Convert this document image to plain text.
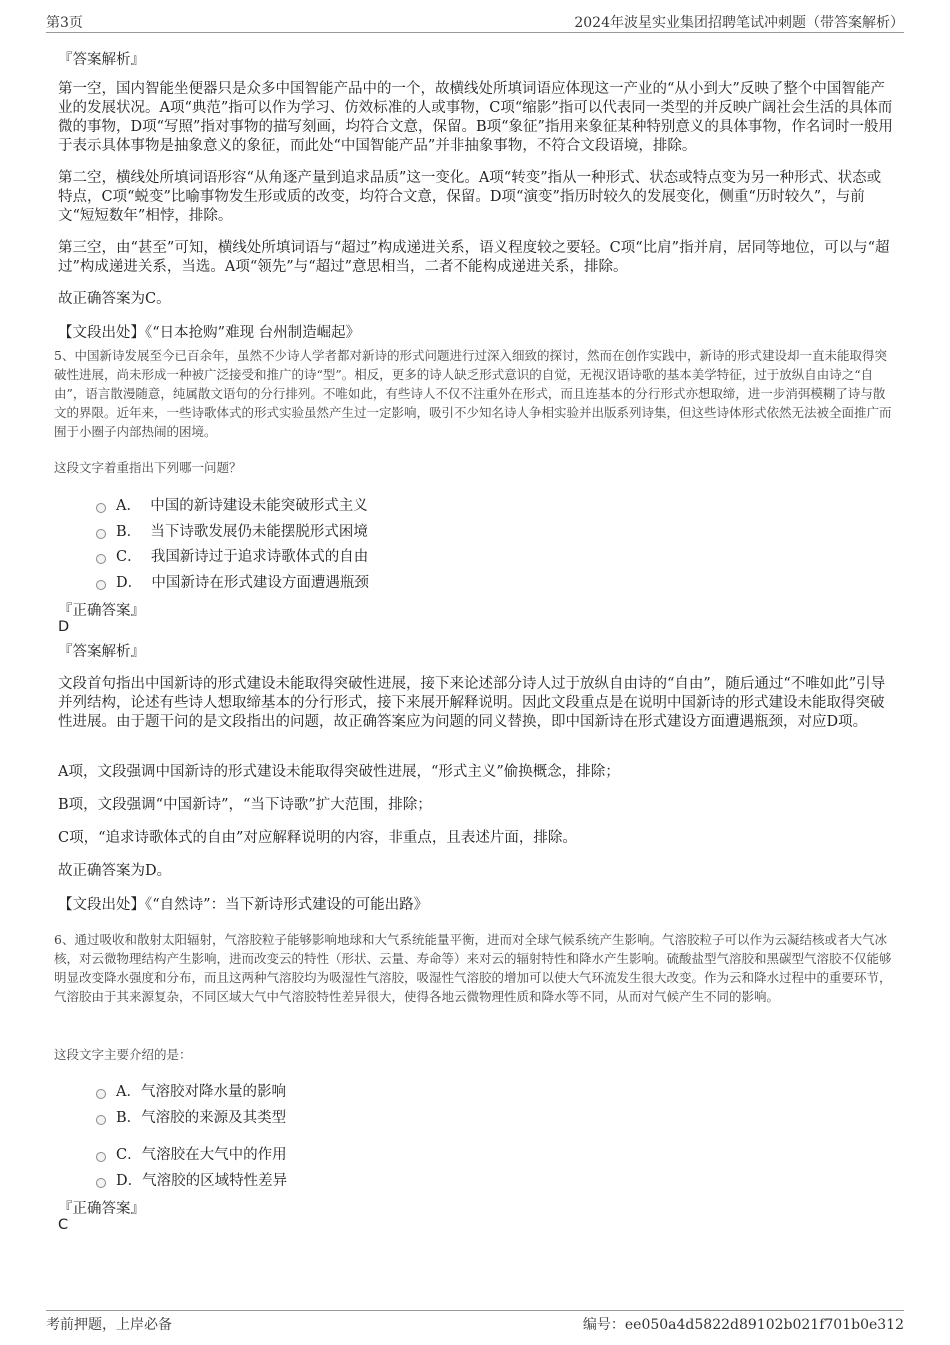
第3页	2024年波星实业集团招聘笔试冲刺题（带答案解析）
『答案解析』
第一空，国内智能坐便器只是众多中国智能产品中的一个，故横线处所填词语应体现这一产业的“从小到大”反映了整个中国智能产业的发展状况。A项“典范”指可以作为学习、仿效标准的人或事物，C项“缩影”指可以代表同一类型的并反映广阔社会生活的具体而微的事物，D项“写照”指对事物的描写刻画，均符合文意，保留。B项“象征”指用来象征某种特别意义的具体事物，作名词时一般用于表示具体事物是抽象意义的象征，而此处“中国智能产品”并非抽象事物，不符合文段语境，排除。
第二空，横线处所填词语形容“从角逐产量到追求品质”这一变化。A项“转变”指从一种形式、状态或特点变为另一种形式、状态或特点，C项“蜕变”比喻事物发生形或质的改变，均符合文意，保留。D项“演变”指历时较久的发展变化，侧重“历时较久”，与前文“短短数年”相悖，排除。
第三空，由“甚至”可知，横线处所填词语与“超过”构成递进关系，语义程度较之要轻。C项“比肩”指并肩，居同等地位，可以与“超过”构成递进关系，当选。A项“领先”与“超过”意思相当，二者不能构成递进关系，排除。
故正确答案为C。
【文段出处】《“日本抢购”难现 台州制造崛起》
5、中国新诗发展至今已百余年，虽然不少诗人学者都对新诗的形式问题进行过深入细致的探讨，然而在创作实践中，新诗的形式建设却一直未能取得突破性进展，尚未形成一种被广泛接受和推广的诗“型”。相反，更多的诗人缺乏形式意识的自觉，无视汉语诗歌的基本美学特征，过于放纵自由诗之“自由”，语言散漫随意，纯属散文语句的分行排列。不唯如此，有些诗人不仅不注重外在形式，而且连基本的分行形式亦想取缔，进一步消弭模糊了诗与散文的界限。近年来，一些诗歌体式的形式实验虽然产生过一定影响，吸引不少知名诗人争相实验并出版系列诗集，但这些诗体形式依然无法被全面推广而囿于小圈子内部热闹的困境。
这段文字着重指出下列哪一问题？
A．  中国的新诗建设未能突破形式主义
B．  当下诗歌发展仍未能摆脱形式困境
C．  我国新诗过于追求诗歌体式的自由
D．  中国新诗在形式建设方面遭遇瓶颈
『正确答案』
D
『答案解析』
文段首句指出中国新诗的形式建设未能取得突破性进展，接下来论述部分诗人过于放纵自由诗的“自由”，随后通过“不唯如此”引导并列结构，论述有些诗人想取缔基本的分行形式，接下来展开解释说明。因此文段重点是在说明中国新诗的形式建设未能取得突破性进展。由于题干问的是文段指出的问题，故正确答案应为问题的同义替换，即中国新诗在形式建设方面遭遇瓶颈，对应D项。
A项，文段强调中国新诗的形式建设未能取得突破性进展，“形式主义”偷换概念，排除；
B项，文段强调“中国新诗”，“当下诗歌”扩大范围，排除；
C项，“追求诗歌体式的自由”对应解释说明的内容，非重点，且表述片面，排除。
故正确答案为D。
【文段出处】《“自然诗”：当下新诗形式建设的可能出路》
6、通过吸收和散射太阳辐射，气溶胶粒子能够影响地球和大气系统能量平衡，进而对全球气候系统产生影响。气溶胶粒子可以作为云凝结核或者大气冰核，对云微物理结构产生影响，进而改变云的特性（形状、云量、寿命等）来对云的辐射特性和降水产生影响。硫酸盐型气溶胶和黑碳型气溶胶不仅能够明显改变降水强度和分布，而且这两种气溶胶均为吸湿性气溶胶，吸湿性气溶胶的增加可以使大气环流发生很大改变。作为云和降水过程中的重要环节，气溶胶由于其来源复杂，不同区域大气中气溶胶特性差异很大，使得各地云微物理性质和降水等不同，从而对气候产生不同的影响。
这段文字主要介绍的是：
A．气溶胶对降水量的影响
B．气溶胶的来源及其类型
C．气溶胶在大气中的作用
D．气溶胶的区域特性差异
『正确答案』
C
考前押题，上岸必备	编号：ee050a4d5822d89102b021f701b0e312
